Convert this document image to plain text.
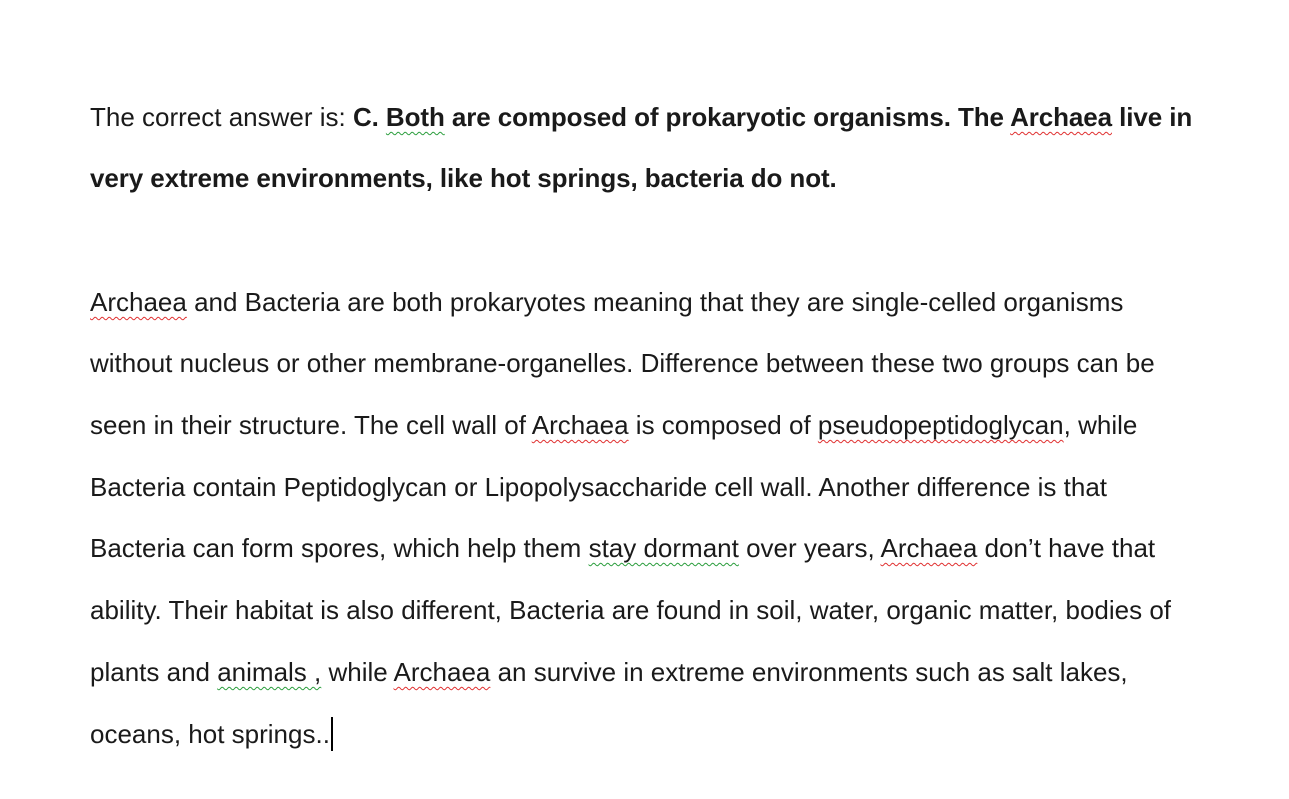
The correct answer is: C. Both are composed of prokaryotic organisms. The Archaea live in
very extreme environments, like hot springs, bacteria do not.
Archaea and Bacteria are both prokaryotes meaning that they are single-celled organisms
without nucleus or other membrane-organelles. Difference between these two groups can be
seen in their structure. The cell wall of Archaea is composed of pseudopeptidoglycan, while
Bacteria contain Peptidoglycan or Lipopolysaccharide cell wall. Another difference is that
Bacteria can form spores, which help them stay dormant over years, Archaea don’t have that
ability. Their habitat is also different, Bacteria are found in soil, water, organic matter, bodies of
plants and animals , while Archaea an survive in extreme environments such as salt lakes,
oceans, hot springs..
